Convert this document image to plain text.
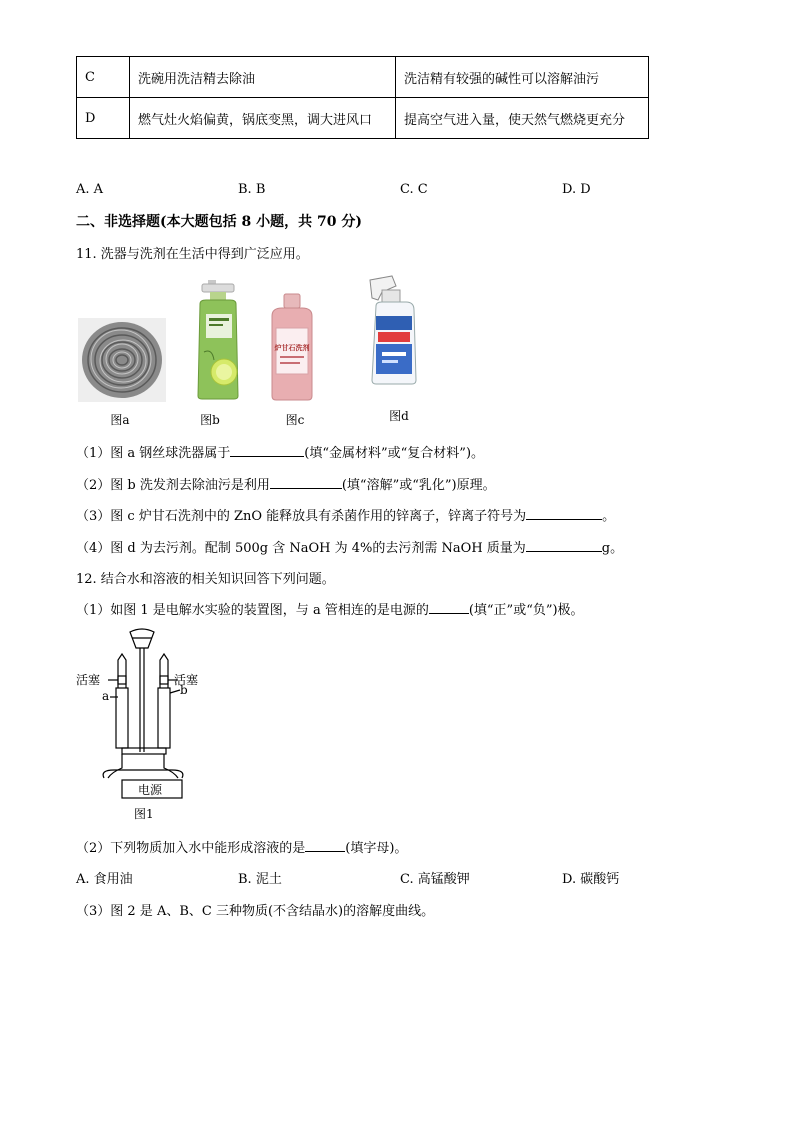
C	洗碗用洗洁精去除油	洗洁精有较强的碱性可以溶解油污
D	燃气灶火焰偏黄，锅底变黑，调大进风口	提高空气进入量，使天然气燃烧更充分
A. A	B. B	C. C	D. D
二、非选择题(本大题包括 8 小题，共 70 分)
11. 洗器与洗剂在生活中得到广泛应用。
炉甘石洗剂
图a	图b	图c	图d
（1）图 a 钢丝球洗器属于	(填“金属材料”或“复合材料”)。
（2）图 b 洗发剂去除油污是利用	(填“溶解”或“乳化”)原理。
（3）图 c 炉甘石洗剂中的 ZnO 能释放具有杀菌作用的锌离子，锌离子符号为	。
（4）图 d 为去污剂。配制 500g 含 NaOH 为 4%的去污剂需 NaOH 质量为	g。
12. 结合水和溶液的相关知识回答下列问题。
（1）如图 1 是电解水实验的装置图，与 a 管相连的是电源的	(填“正”或“负”)极。
活塞	活塞
a	b
电源
图1
（2）下列物质加入水中能形成溶液的是	(填字母)。
A. 食用油	B. 泥土	C. 高锰酸钾	D. 碳酸钙
（3）图 2 是 A、B、C 三种物质(不含结晶水)的溶解度曲线。
